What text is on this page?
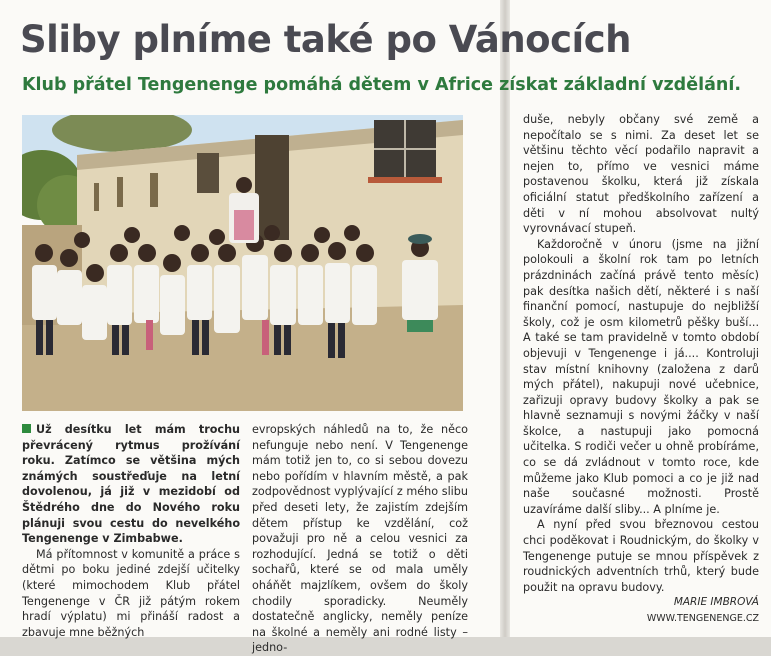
Sliby plníme také po Vánocích
Klub přátel Tengenenge pomáhá dětem v Africe získat základní vzdělání.

Už desítku let mám trochu převrácený rytmus prožívání roku. Zatímco se většina mých známých soustřeďuje na letní dovolenou, já již v mezidobí od Štědrého dne do Nového roku plánuji svou cestu do nevelkého Tengenenge v Zimbabwe.

Má přítomnost v komunitě a práce s dětmi po boku jediné zdejší učitelky (které mimochodem Klub přátel Tengenenge v ČR již pátým rokem hradí výplatu) mi přináší radost a zbavuje mne běžných

evropských náhledů na to, že něco nefunguje nebo není. V Tengenenge mám totiž jen to, co si sebou dovezu nebo pořídím v hlavním městě, a pak zodpovědnost vyplývající z mého slibu před deseti lety, že zajistím zdejším dětem přístup ke vzdělání, což považuji pro ně a celou vesnici za rozhodující. Jedná se totiž o děti sochařů, které se od mala uměly oháňět majzlíkem, ovšem do školy chodily sporadicky. Neuměly dostatečně anglicky, neměly peníze na školné a neměly ani rodné listy – jedno-

duše, nebyly občany své země a nepočítalo se s nimi. Za deset let se většinu těchto věcí podařilo napravit a nejen to, přímo ve vesnici máme postavenou školku, která již získala oficiální statut předškolního zařízení a děti v ní mohou absolvovat nultý vyrovnávací stupeň.

Každoročně v únoru (jsme na jižní polokouli a školní rok tam po letních prázdninách začíná právě tento měsíc) pak desítka našich dětí, některé i s naší finanční pomocí, nastupuje do nejbližší školy, což je osm kilometrů pěšky buší... A také se tam pravidelně v tomto období objevuji v Tengenenge i já.... Kontroluji stav místní knihovny (založena z darů mých přátel), nakupuji nové učebnice, zařizuji opravy budovy školky a pak se hlavně seznamuji s novými žáčky v naší školce, a nastupuji jako pomocná učitelka. S rodiči večer u ohně probíráme, co se dá zvládnout v tomto roce, kde můžeme jako Klub pomoci a co je již nad naše současné možnosti. Prostě uzavíráme další sliby... A plníme je.

A nyní před svou březnovou cestou chci poděkovat i Roudnickým, do školky v Tengenenge putuje se mnou příspěvek z roudnických adventních trhů, který bude použit na opravu budovy.

MARIE IMBROVÁ

WWW.TENGENENGE.CZ
